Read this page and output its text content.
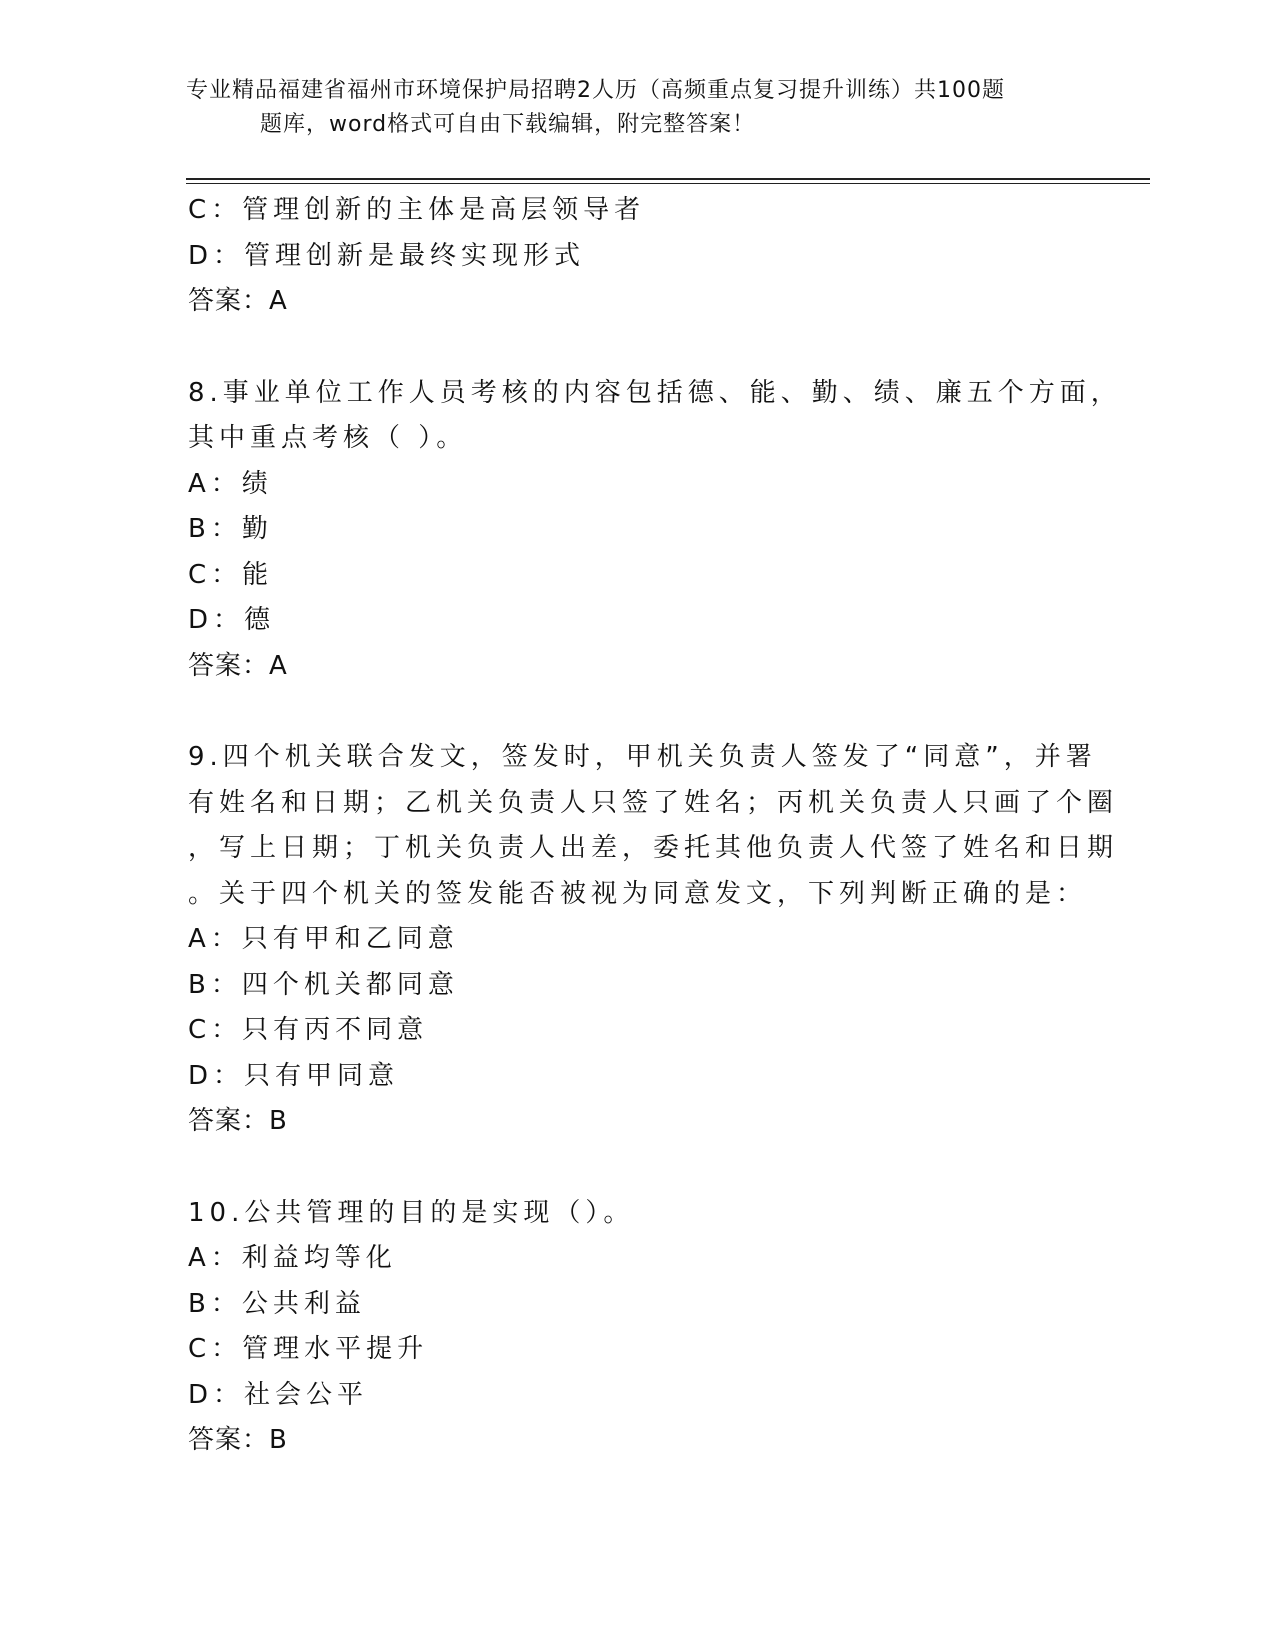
专业精品福建省福州市环境保护局招聘2人历（高频重点复习提升训练）共100题
题库，word格式可自由下载编辑，附完整答案！
C：管理创新的主体是高层领导者
D：管理创新是最终实现形式
答案：A
8.事业单位工作人员考核的内容包括德、能、勤、绩、廉五个方面，
其中重点考核（ ）。
A：绩
B：勤
C：能
D：德
答案：A
9.四个机关联合发文，签发时，甲机关负责人签发了“同意”，并署
有姓名和日期；乙机关负责人只签了姓名；丙机关负责人只画了个圈
，写上日期；丁机关负责人出差，委托其他负责人代签了姓名和日期
。关于四个机关的签发能否被视为同意发文，下列判断正确的是：
A：只有甲和乙同意
B：四个机关都同意
C：只有丙不同意
D：只有甲同意
答案：B
10.公共管理的目的是实现（）。
A：利益均等化
B：公共利益
C：管理水平提升
D：社会公平
答案：B
